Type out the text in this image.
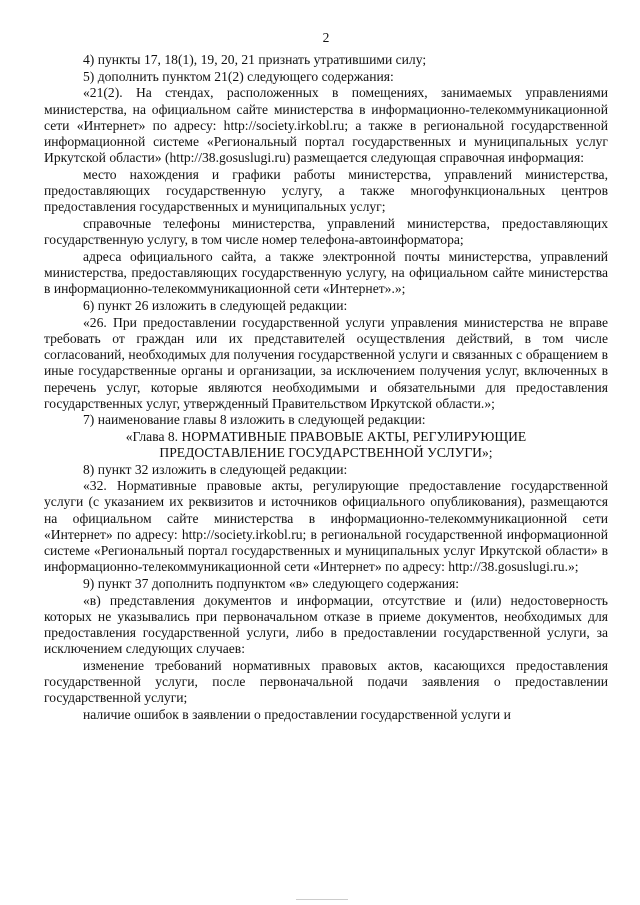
2

4) пункты 17, 18(1), 19, 20, 21 признать утратившими силу;

5) дополнить пунктом 21(2) следующего содержания:

«21(2). На стендах, расположенных в помещениях, занимаемых управлениями министерства, на официальном сайте министерства в информационно-телекоммуникационной сети «Интернет» по адресу: http://society.irkobl.ru; а также в региональной государственной информационной системе «Региональный портал государственных и муниципальных услуг Иркутской области» (http://38.gosuslugi.ru) размещается следующая справочная информация:

место нахождения и графики работы министерства, управлений министерства, предоставляющих государственную услугу, а также многофункциональных центров предоставления государственных и муниципальных услуг;

справочные телефоны министерства, управлений министерства, предоставляющих государственную услугу, в том числе номер телефона-автоинформатора;

адреса официального сайта, а также электронной почты министерства, управлений министерства, предоставляющих государственную услугу, на официальном сайте министерства в информационно-телекоммуникационной сети «Интернет».»;

6) пункт 26 изложить в следующей редакции:

«26. При предоставлении государственной услуги управления министерства не вправе требовать от граждан или их представителей осуществления действий, в том числе согласований, необходимых для получения государственной услуги и связанных с обращением в иные государственные органы и организации, за исключением получения услуг, включенных в перечень услуг, которые являются необходимыми и обязательными для предоставления государственных услуг, утвержденный Правительством Иркутской области.»;

7) наименование главы 8 изложить в следующей редакции:

«Глава 8. НОРМАТИВНЫЕ ПРАВОВЫЕ АКТЫ, РЕГУЛИРУЮЩИЕ

ПРЕДОСТАВЛЕНИЕ ГОСУДАРСТВЕННОЙ УСЛУГИ»;

8) пункт 32 изложить в следующей редакции:

«32. Нормативные правовые акты, регулирующие предоставление государственной услуги (с указанием их реквизитов и источников официального опубликования), размещаются на официальном сайте министерства в информационно-телекоммуникационной сети «Интернет» по адресу: http://society.irkobl.ru; в региональной государственной информационной системе «Региональный портал государственных и муниципальных услуг Иркутской области» в информационно-телекоммуникационной сети «Интернет» по адресу: http://38.gosuslugi.ru.»;

9) пункт 37 дополнить подпунктом «в» следующего содержания:

«в) представления документов и информации, отсутствие и (или) недостоверность которых не указывались при первоначальном отказе в приеме документов, необходимых для предоставления государственной услуги, либо в предоставлении государственной услуги, за исключением следующих случаев:

изменение требований нормативных правовых актов, касающихся предоставления государственной услуги, после первоначальной подачи заявления о предоставлении государственной услуги;

наличие ошибок в заявлении о предоставлении государственной услуги и
